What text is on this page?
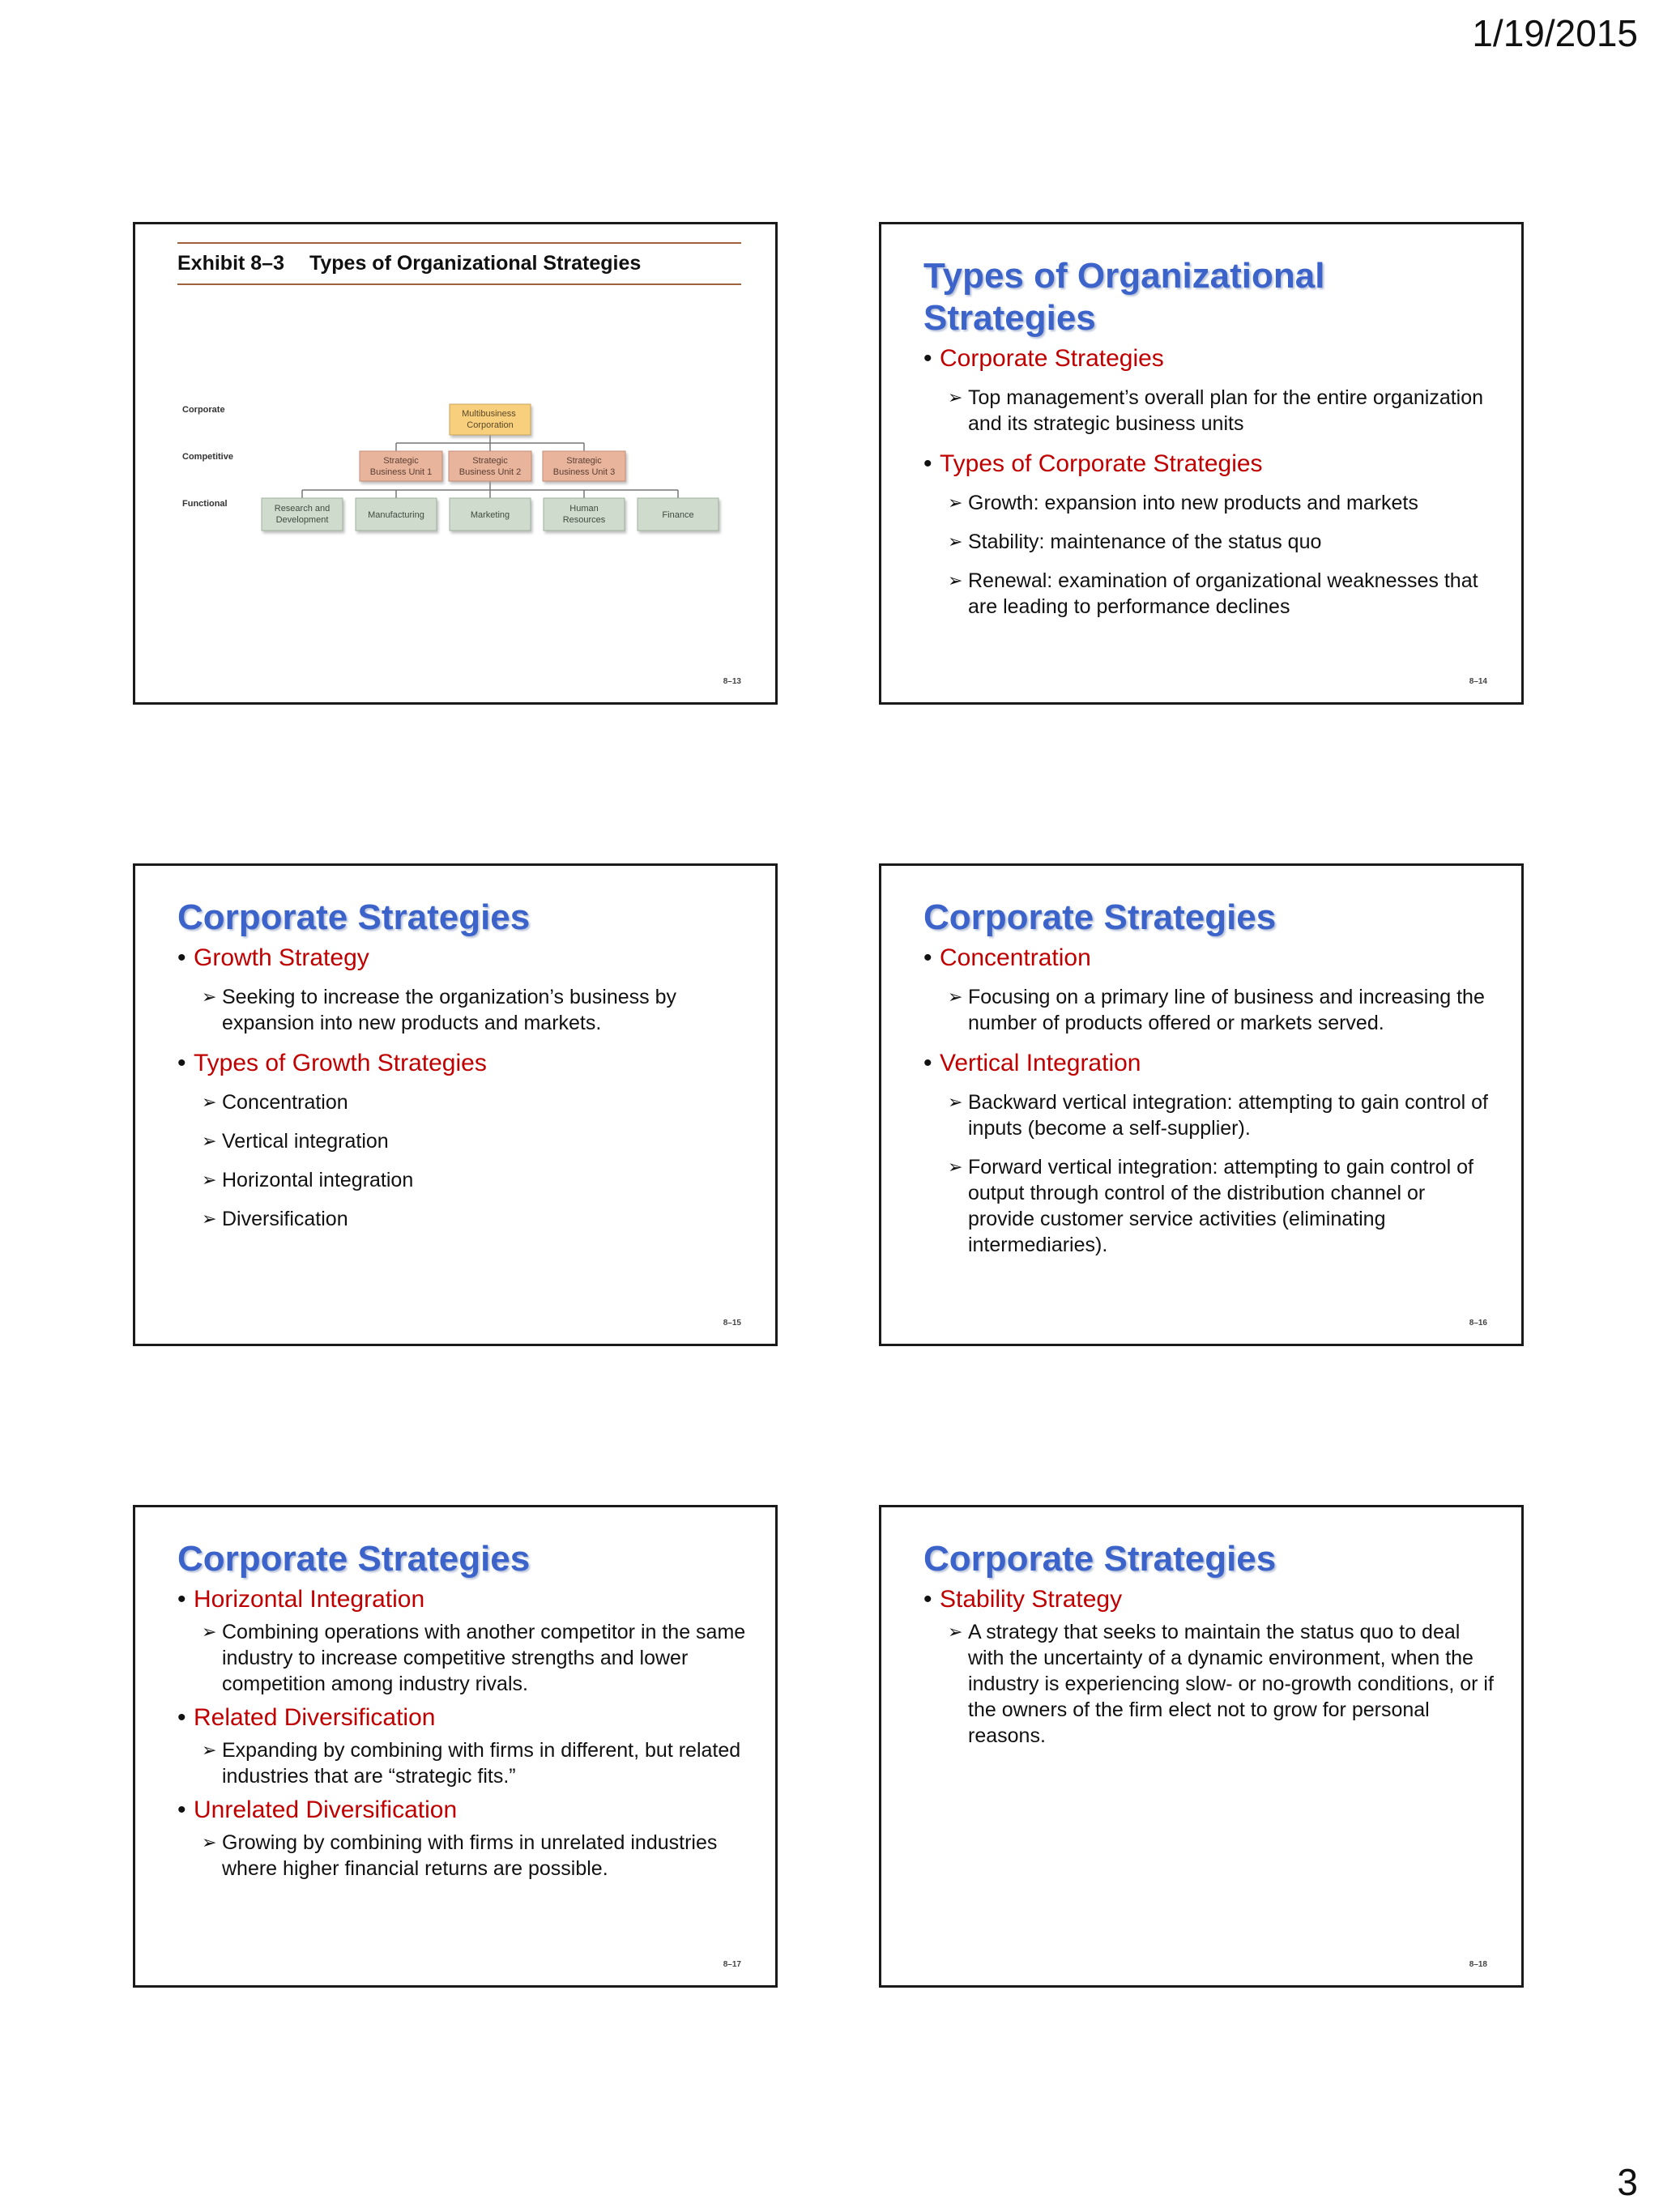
1/19/2015
Exhibit 8–3 Types of Organizational Strategies
Corporate
Competitive
Functional
Multibusiness Corporation
Strategic Business Unit 1
Strategic Business Unit 2
Strategic Business Unit 3
Research and Development	Manufacturing	Marketing
Human Resources	Finance
8–13
Types of Organizational Strategies
• Corporate Strategies
➢ Top management’s overall plan for the entire organization and its strategic business units
• Types of Corporate Strategies
➢ Growth: expansion into new products and markets
➢ Stability: maintenance of the status quo
➢ Renewal: examination of organizational weaknesses that are leading to performance declines
8–14
Corporate Strategies
• Growth Strategy
➢ Seeking to increase the organization’s business by expansion into new products and markets.
• Types of Growth Strategies
➢ Concentration
➢ Vertical integration
➢ Horizontal integration
➢ Diversification
8–15
Corporate Strategies
• Concentration
➢ Focusing on a primary line of business and increasing the number of products offered or markets served.
• Vertical Integration
➢ Backward vertical integration: attempting to gain control of inputs (become a self-supplier).
➢ Forward vertical integration: attempting to gain control of output through control of the distribution channel or provide customer service activities (eliminating intermediaries).
8–16
Corporate Strategies
• Horizontal Integration
➢ Combining operations with another competitor in the same industry to increase competitive strengths and lower competition among industry rivals.
• Related Diversification
➢ Expanding by combining with firms in different, but related industries that are “strategic fits.”
• Unrelated Diversification
➢ Growing by combining with firms in unrelated industries where higher financial returns are possible.
8–17
Corporate Strategies
• Stability Strategy
➢ A strategy that seeks to maintain the status quo to deal with the uncertainty of a dynamic environment, when the industry is experiencing slow- or no-growth conditions, or if the owners of the firm elect not to grow for personal reasons.
8–18
3
